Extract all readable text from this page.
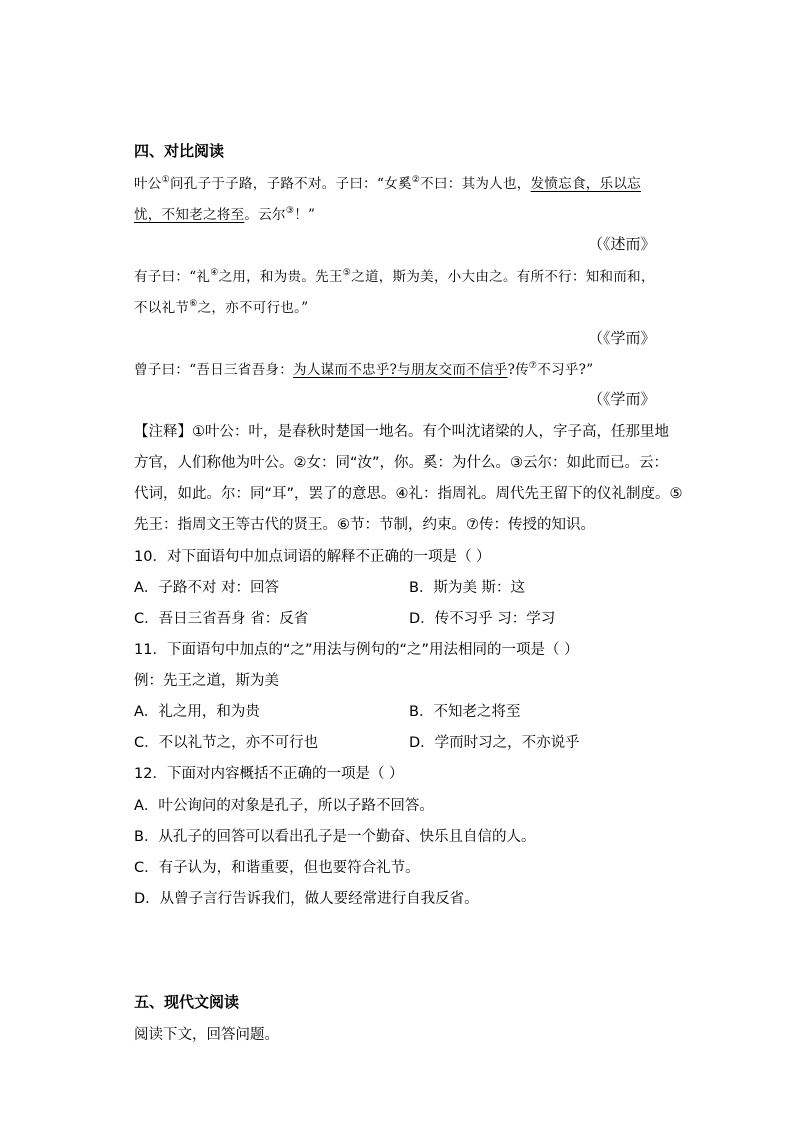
四、对比阅读
叶公①问孔子于子路，子路不对。子曰：“女奚②不曰：其为人也，发愤忘食，乐以忘
忧，不知老之将至。云尔③！”
（《述而》
有子曰：“礼④之用，和为贵。先王⑤之道，斯为美，小大由之。有所不行：知和而和，
不以礼节⑥之，亦不可行也。”
（《学而》
曾子曰：“吾日三省吾身：为人谋而不忠乎?与朋友交而不信乎?传⑦不习乎?”
（《学而》
【注释】①叶公：叶，是春秋时楚国一地名。有个叫沈诸梁的人，字子高，任那里地
方官，人们称他为叶公。②女：同“汝”，你。奚：为什么。③云尔：如此而已。云：
代词，如此。尔：同“耳”，罢了的意思。④礼：指周礼。周代先王留下的仪礼制度。⑤
先王：指周文王等古代的贤王。⑥节：节制，约束。⑦传：传授的知识。
10．对下面语句中加点词语的解释不正确的一项是（ ）
A．子路不对 对：回答	B．斯为美 斯：这
C．吾日三省吾身 省：反省	D．传不习乎 习：学习
11．下面语句中加点的“之”用法与例句的“之”用法相同的一项是（ ）
例：先王之道，斯为美
A．礼之用，和为贵	B．不知老之将至
C．不以礼节之，亦不可行也	D．学而时习之，不亦说乎
12．下面对内容概括不正确的一项是（ ）
A．叶公询问的对象是孔子，所以子路不回答。
B．从孔子的回答可以看出孔子是一个勤奋、快乐且自信的人。
C．有子认为，和谐重要，但也要符合礼节。
D．从曾子言行告诉我们，做人要经常进行自我反省。
五、现代文阅读
阅读下文，回答问题。
